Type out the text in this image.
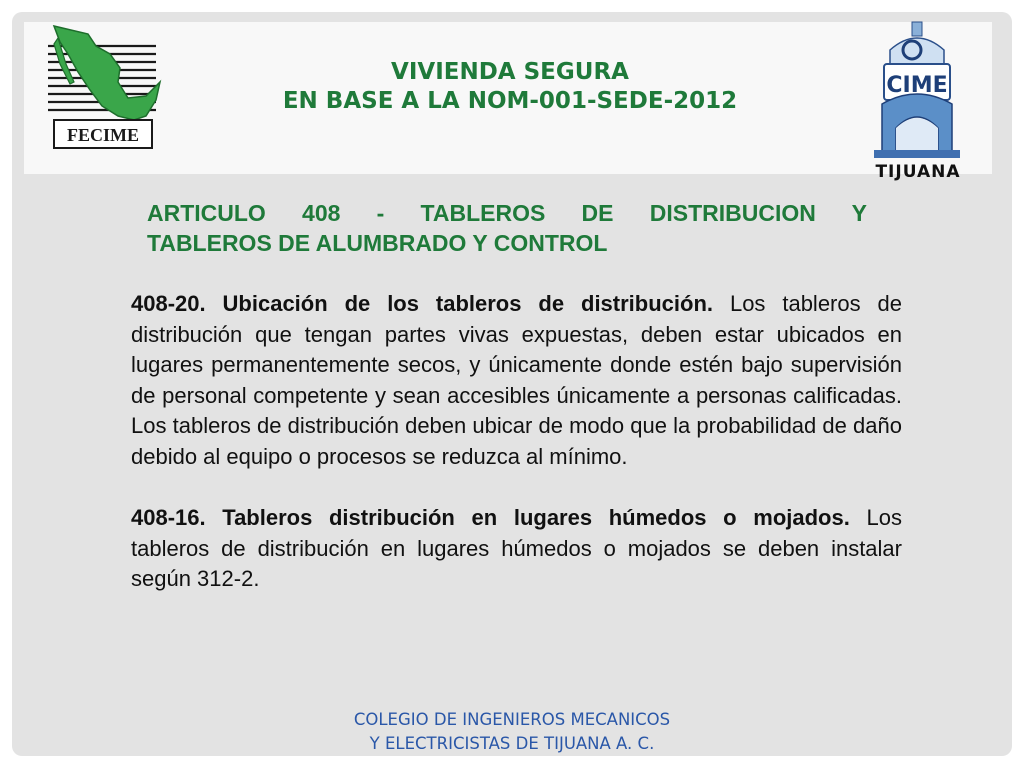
FECIME
CIME
VIVIENDA SEGURA
EN BASE A LA NOM-001-SEDE-2012
TIJUANA
ARTICULO 408 - TABLEROS DE DISTRIBUCION Y
TABLEROS DE ALUMBRADO Y CONTROL

408-20. Ubicación de los tableros de distribución. Los tableros de distribución que tengan partes vivas expuestas, deben estar ubicados en lugares permanentemente secos, y únicamente donde estén bajo supervisión de personal competente y sean accesibles únicamente a personas calificadas. Los tableros de distribución deben ubicar de modo que la probabilidad de daño debido al equipo o procesos se reduzca al mínimo.

408-16. Tableros distribución en lugares húmedos o mojados. Los tableros de distribución en lugares húmedos o mojados se deben instalar según 312-2.

COLEGIO DE INGENIEROS MECANICOS
Y ELECTRICISTAS DE TIJUANA A. C.
